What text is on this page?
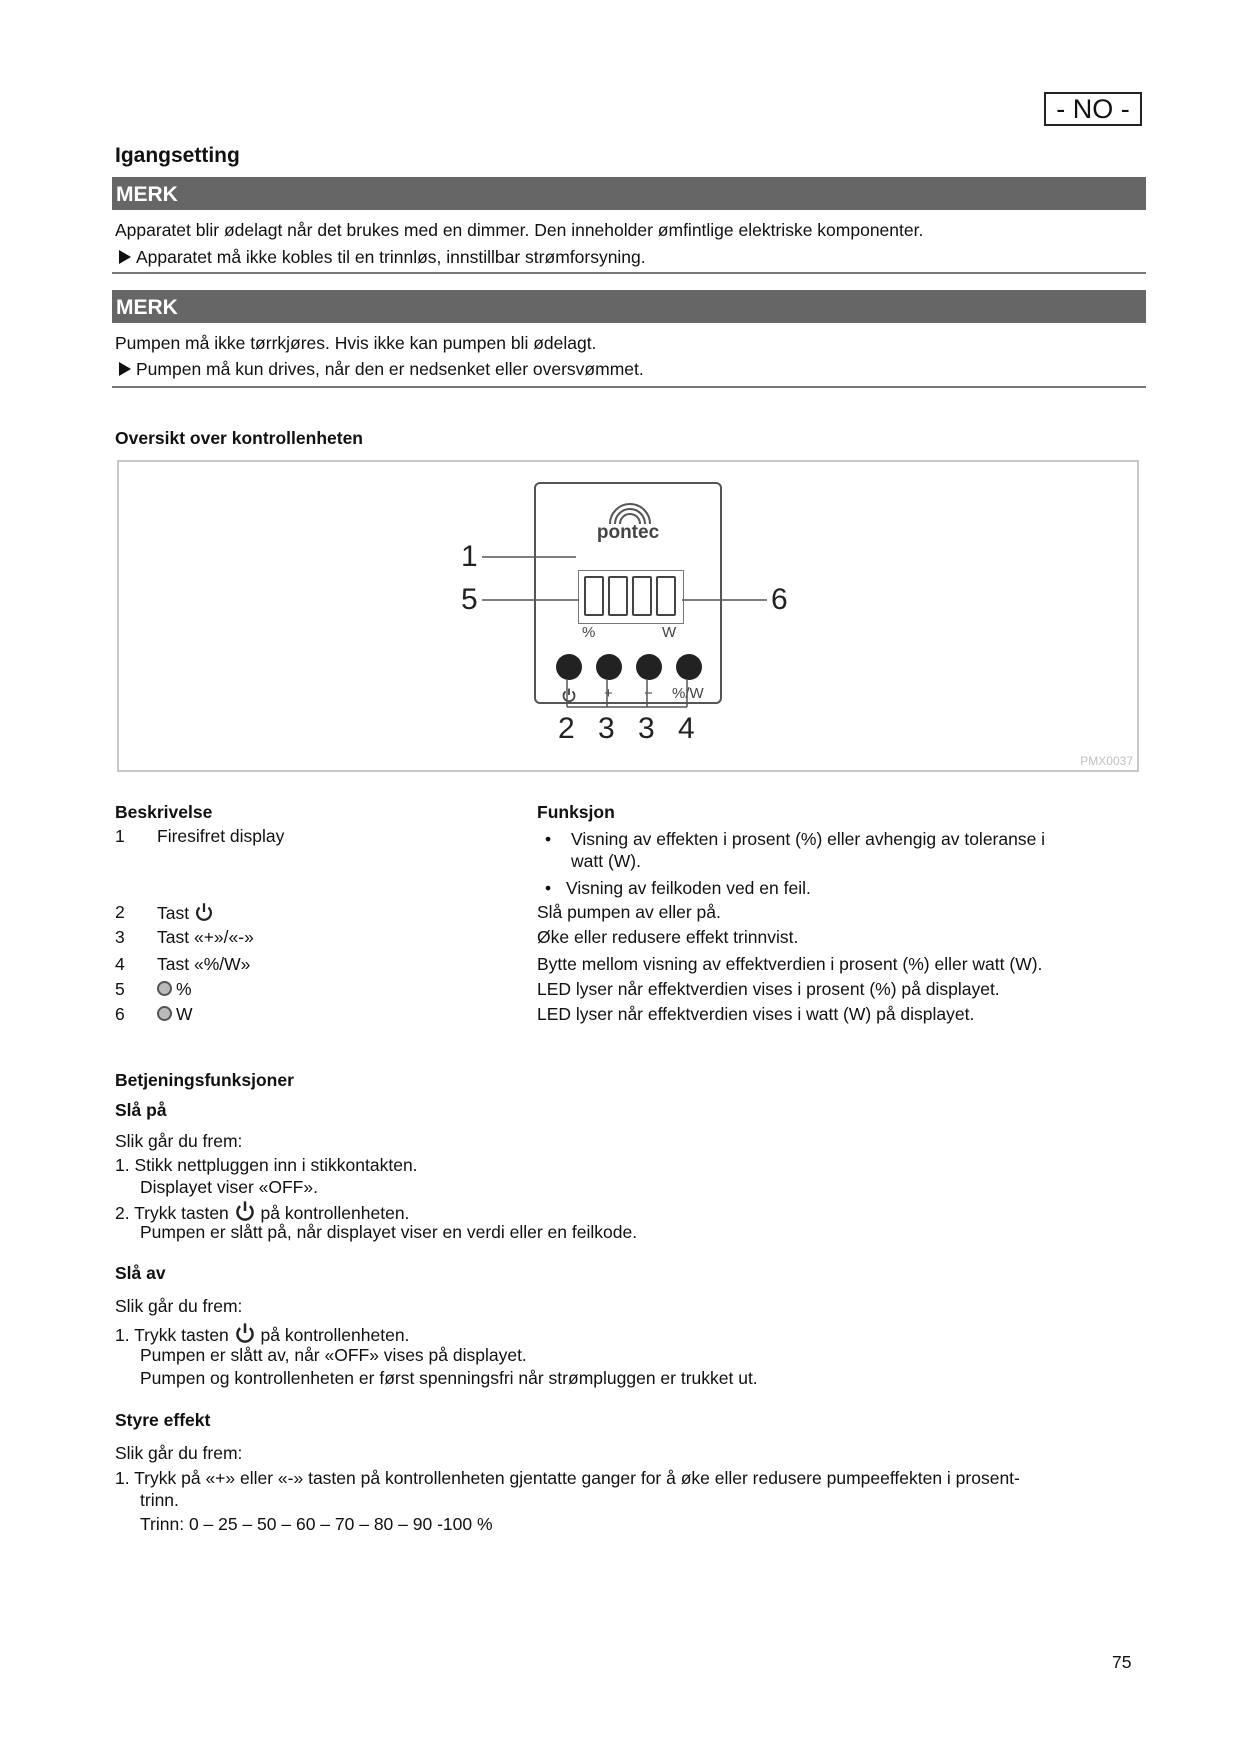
- NO -
Igangsetting
MERK
Apparatet blir ødelagt når det brukes med en dimmer. Den inneholder ømfintlige elektriske komponenter.
Apparatet må ikke kobles til en trinnløs, innstillbar strømforsyning.
MERK
Pumpen må ikke tørrkjøres. Hvis ikke kan pumpen bli ødelagt.
Pumpen må kun drives, når den er nedsenket eller oversvømmet.
Oversikt over kontrollenheten
pontec
%	W
+ − %/W
1
5	6
2 3 3 4
PMX0037
Beskrivelse	Funksjon
1 Firesifret display	• Visning av effekten i prosent (%) eller avhengig av toleranse i
watt (W).
• Visning av feilkoden ved en feil.
2 Tast	Slå pumpen av eller på.
3 Tast «+»/«-»	Øke eller redusere effekt trinnvist.
4 Tast «%/W»	Bytte mellom visning av effektverdien i prosent (%) eller watt (W).
5	%	LED lyser når effektverdien vises i prosent (%) på displayet.
6	W	LED lyser når effektverdien vises i watt (W) på displayet.
Betjeningsfunksjoner
Slå på
Slik går du frem:
1. Stikk nettpluggen inn i stikkontakten.
Displayet viser «OFF».
2. Trykk tasten på kontrollenheten.
Pumpen er slått på, når displayet viser en verdi eller en feilkode.
Slå av
Slik går du frem:
1. Trykk tasten på kontrollenheten.
Pumpen er slått av, når «OFF» vises på displayet.
Pumpen og kontrollenheten er først spenningsfri når strømpluggen er trukket ut.
Styre effekt
Slik går du frem:
1. Trykk på «+» eller «-» tasten på kontrollenheten gjentatte ganger for å øke eller redusere pumpeeffekten i prosent-
trinn.
Trinn: 0 – 25 – 50 – 60 – 70 – 80 – 90 -100 %
75
